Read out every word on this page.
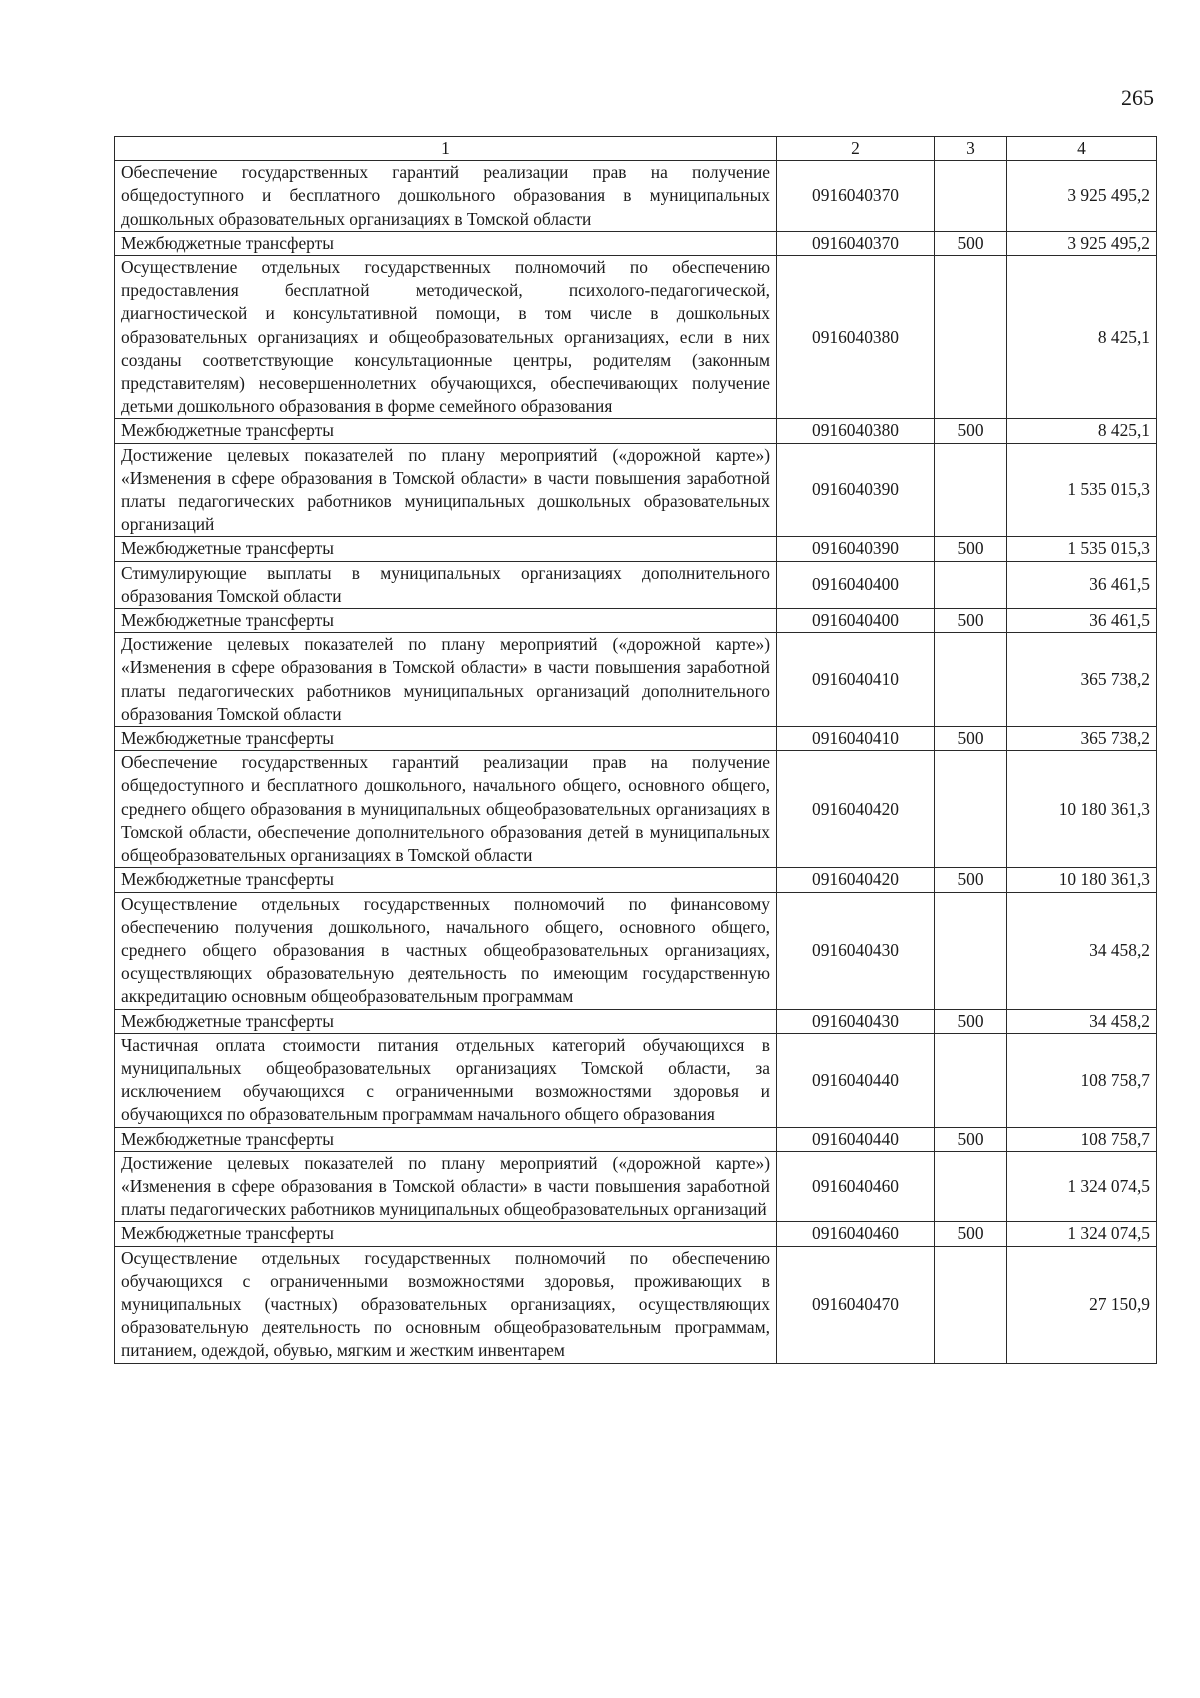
265
1	2	3	4
Обеспечение государственных гарантий реализации прав на получение общедоступного и бесплатного дошкольного образования в муниципальных дошкольных образовательных организациях в Томской области	0916040370		3 925 495,2
Межбюджетные трансферты	0916040370	500	3 925 495,2
Осуществление отдельных государственных полномочий по обеспечению предоставления бесплатной методической, психолого-педагогической, диагностической и консультативной помощи, в том числе в дошкольных образовательных организациях и общеобразовательных организациях, если в них созданы соответствующие консультационные центры, родителям (законным представителям) несовершеннолетних обучающихся, обеспечивающих получение детьми дошкольного образования в форме семейного образования	0916040380		8 425,1
Межбюджетные трансферты	0916040380	500	8 425,1
Достижение целевых показателей по плану мероприятий («дорожной карте») «Изменения в сфере образования в Томской области» в части повышения заработной платы педагогических работников муниципальных дошкольных образовательных организаций	0916040390		1 535 015,3
Межбюджетные трансферты	0916040390	500	1 535 015,3
Стимулирующие выплаты в муниципальных организациях дополнительного образования Томской области	0916040400		36 461,5
Межбюджетные трансферты	0916040400	500	36 461,5
Достижение целевых показателей по плану мероприятий («дорожной карте») «Изменения в сфере образования в Томской области» в части повышения заработной платы педагогических работников муниципальных организаций дополнительного образования Томской области	0916040410		365 738,2
Межбюджетные трансферты	0916040410	500	365 738,2
Обеспечение государственных гарантий реализации прав на получение общедоступного и бесплатного дошкольного, начального общего, основного общего, среднего общего образования в муниципальных общеобразовательных организациях в Томской области, обеспечение дополнительного образования детей в муниципальных общеобразовательных организациях в Томской области	0916040420		10 180 361,3
Межбюджетные трансферты	0916040420	500	10 180 361,3
Осуществление отдельных государственных полномочий по финансовому обеспечению получения дошкольного, начального общего, основного общего, среднего общего образования в частных общеобразовательных организациях, осуществляющих образовательную деятельность по имеющим государственную аккредитацию основным общеобразовательным программам	0916040430		34 458,2
Межбюджетные трансферты	0916040430	500	34 458,2
Частичная оплата стоимости питания отдельных категорий обучающихся в муниципальных общеобразовательных организациях Томской области, за исключением обучающихся с ограниченными возможностями здоровья и обучающихся по образовательным программам начального общего образования	0916040440		108 758,7
Межбюджетные трансферты	0916040440	500	108 758,7
Достижение целевых показателей по плану мероприятий («дорожной карте») «Изменения в сфере образования в Томской области» в части повышения заработной платы педагогических работников муниципальных общеобразовательных организаций	0916040460		1 324 074,5
Межбюджетные трансферты	0916040460	500	1 324 074,5
Осуществление отдельных государственных полномочий по обеспечению обучающихся с ограниченными возможностями здоровья, проживающих в муниципальных (частных) образовательных организациях, осуществляющих образовательную деятельность по основным общеобразовательным программам, питанием, одеждой, обувью, мягким и жестким инвентарем	0916040470		27 150,9
